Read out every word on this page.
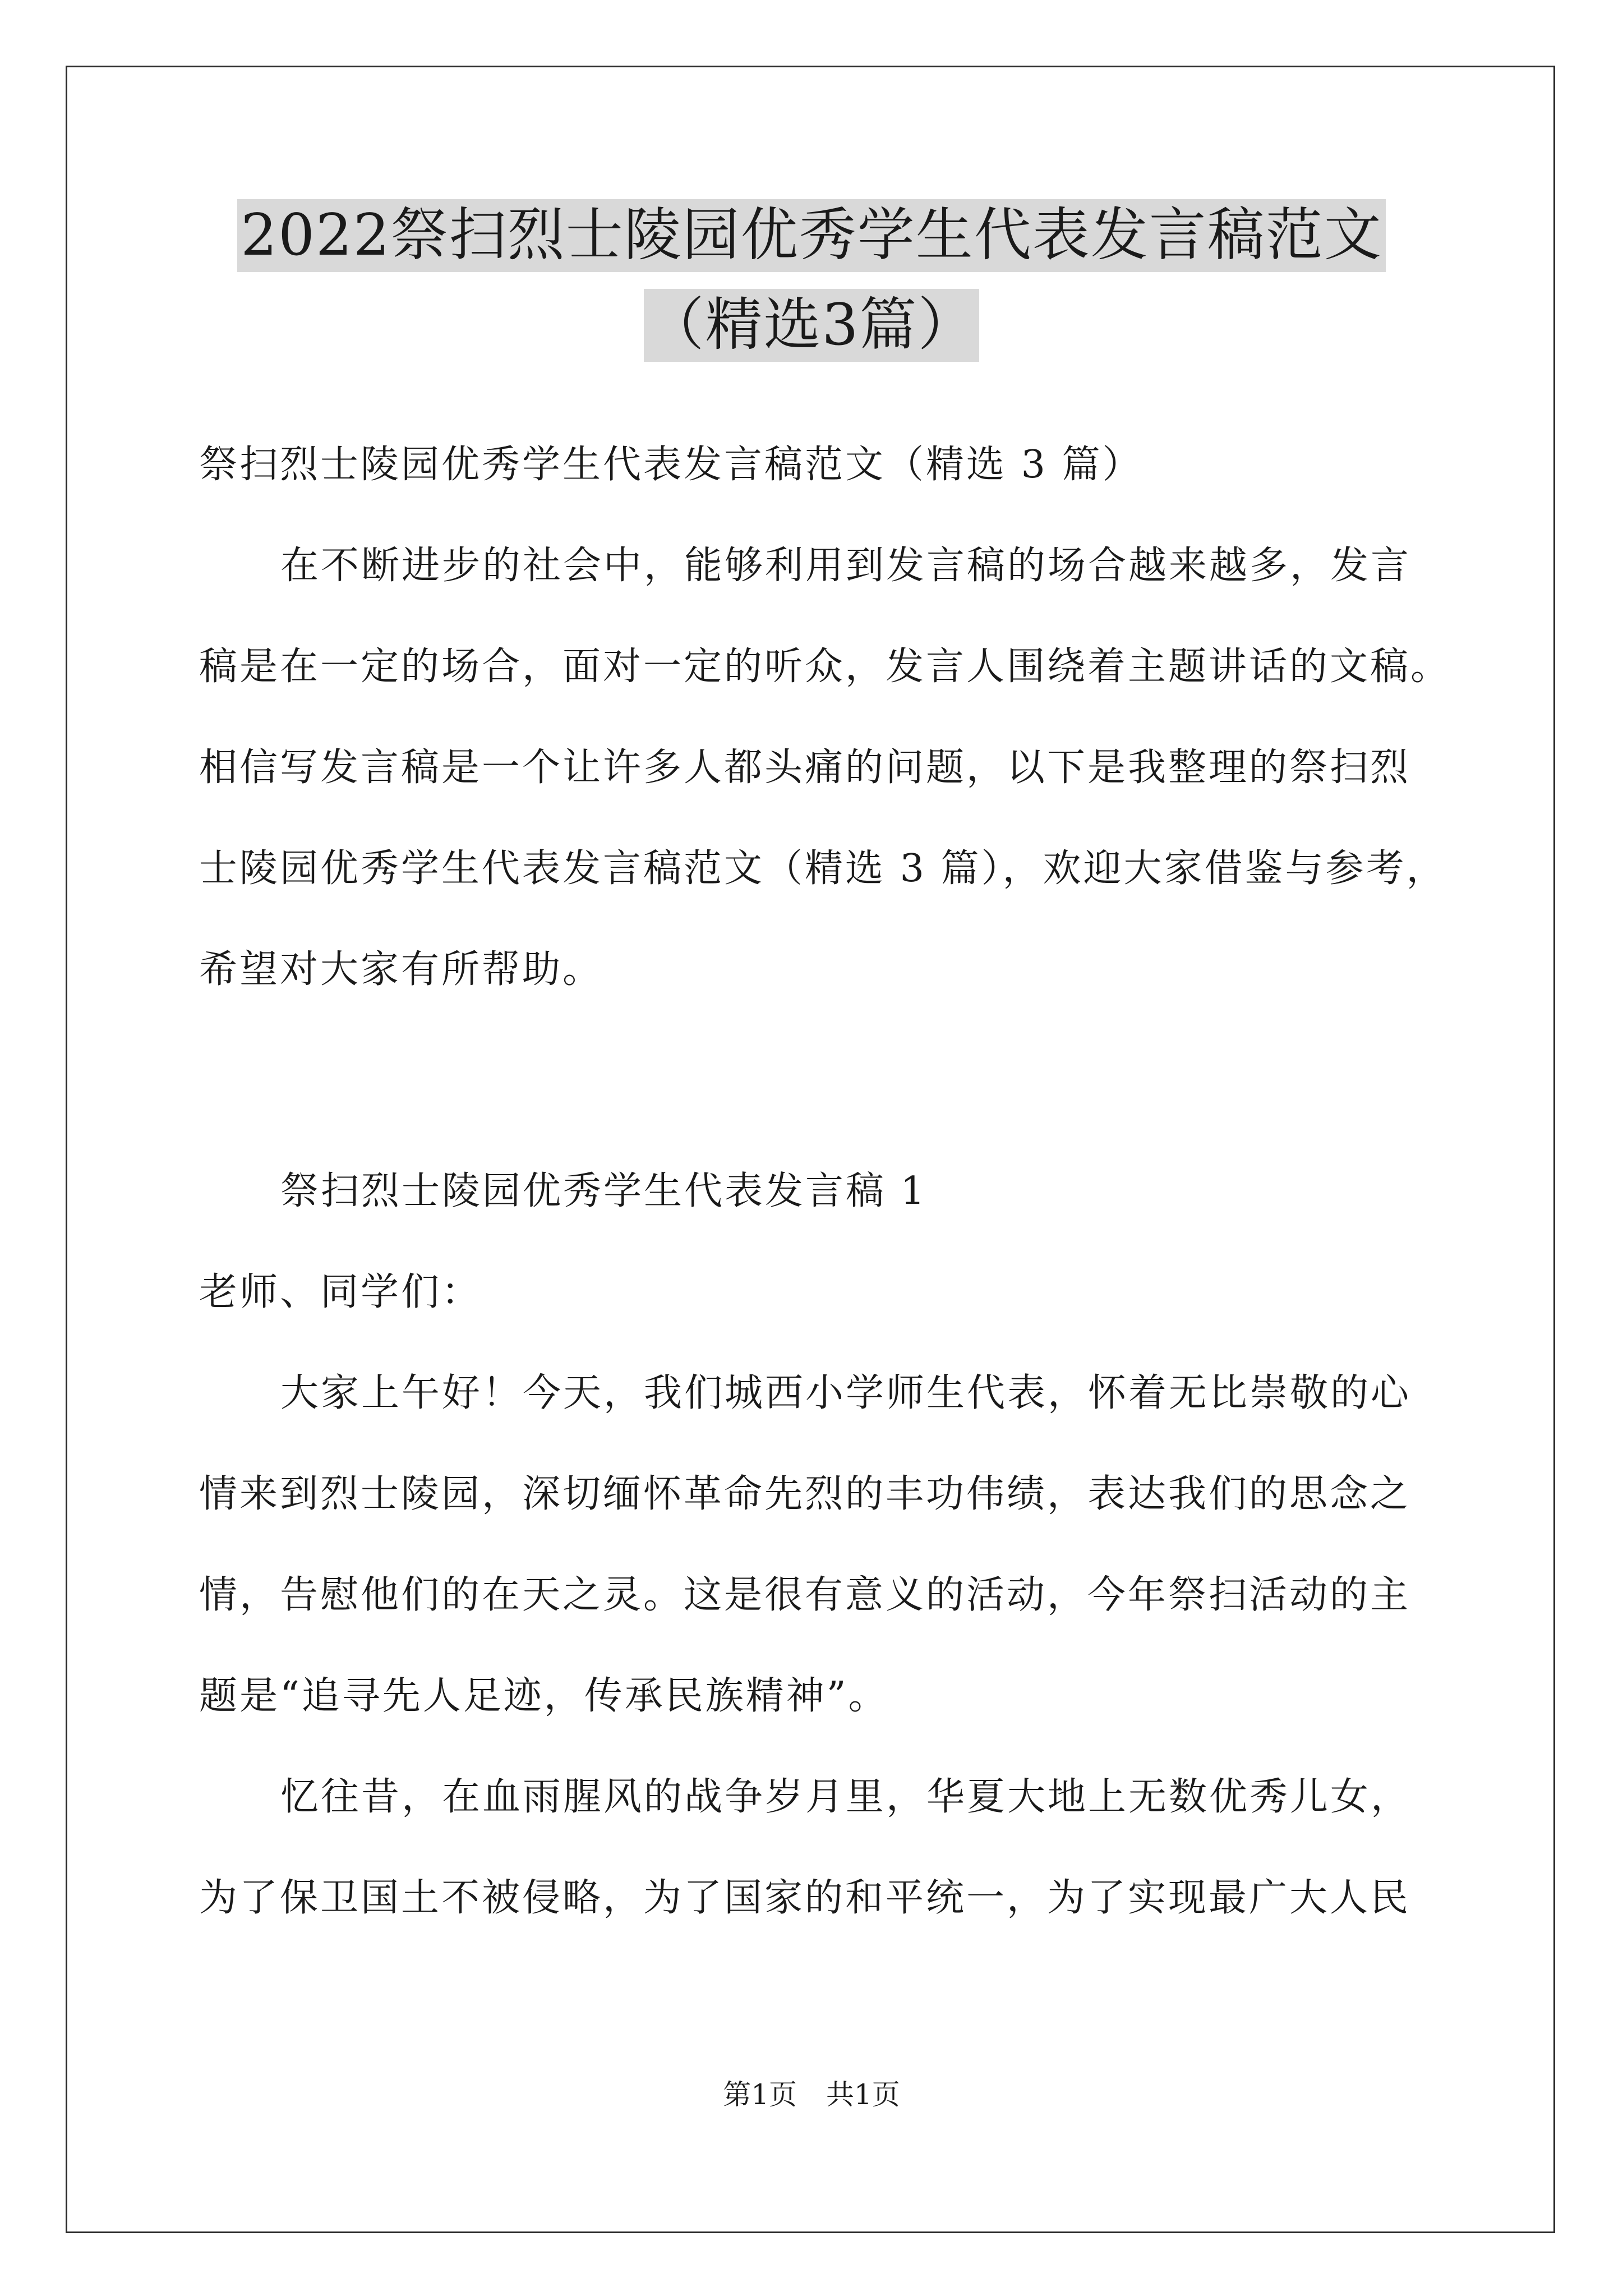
2022祭扫烈士陵园优秀学生代表发言稿范文
（精选3篇）
祭扫烈士陵园优秀学生代表发言稿范文（精选 3 篇）
在不断进步的社会中，能够利用到发言稿的场合越来越多，发言
稿是在一定的场合，面对一定的听众，发言人围绕着主题讲话的文稿。
相信写发言稿是一个让许多人都头痛的问题，以下是我整理的祭扫烈
士陵园优秀学生代表发言稿范文（精选 3 篇），欢迎大家借鉴与参考，
希望对大家有所帮助。
祭扫烈士陵园优秀学生代表发言稿 1
老师、同学们：
大家上午好！今天，我们城西小学师生代表，怀着无比崇敬的心
情来到烈士陵园，深切缅怀革命先烈的丰功伟绩，表达我们的思念之
情，告慰他们的在天之灵。这是很有意义的活动，今年祭扫活动的主
题是“追寻先人足迹，传承民族精神”。
忆往昔，在血雨腥风的战争岁月里，华夏大地上无数优秀儿女，
为了保卫国土不被侵略，为了国家的和平统一，为了实现最广大人民
第1页 共1页
